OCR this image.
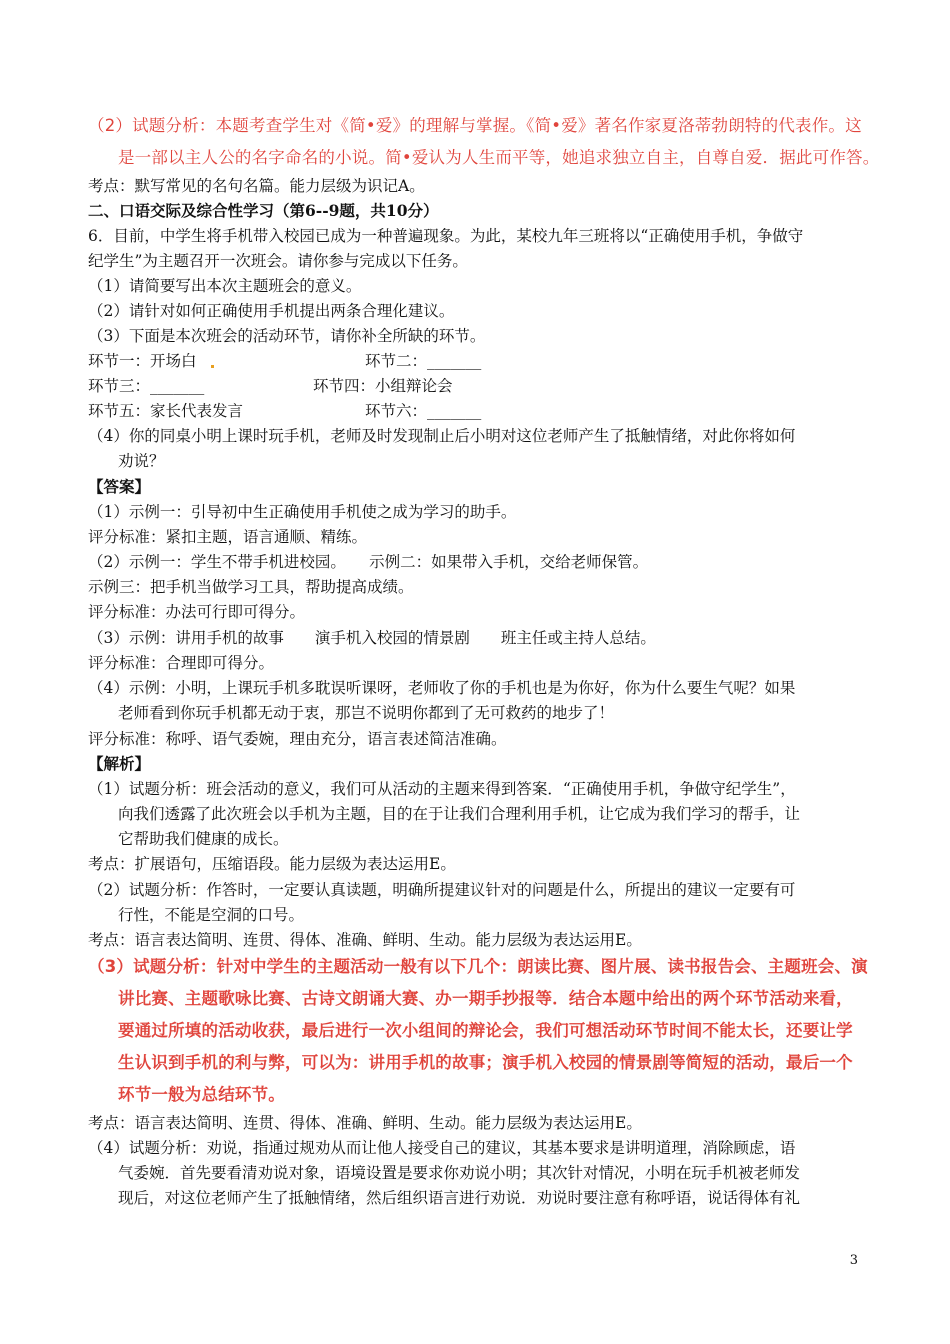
（2）试题分析：本题考查学生对《简•爱》的理解与掌握。《简•爱》著名作家夏洛蒂勃朗特的代表作。这
是一部以主人公的名字命名的小说。简•爱认为人生而平等，她追求独立自主，自尊自爱．据此可作答。
考点：默写常见的名句名篇。能力层级为识记A。
二、口语交际及综合性学习（第6--9题，共10分）
6．目前，中学生将手机带入校园已成为一种普遍现象。为此，某校九年三班将以“正确使用手机，争做守
纪学生”为主题召开一次班会。请你参与完成以下任务。
（1）请简要写出本次主题班会的意义。
（2）请针对如何正确使用手机提出两条合理化建议。
（3）下面是本次班会的活动环节，请你补全所缺的环节。
环节一：开场白	环节二：_______
环节三：_______	环节四：小组辩论会
环节五：家长代表发言	环节六：_______
（4）你的同桌小明上课时玩手机，老师及时发现制止后小明对这位老师产生了抵触情绪，对此你将如何
劝说？
【答案】
（1）示例一：引导初中生正确使用手机使之成为学习的助手。
评分标准：紧扣主题，语言通顺、精练。
（2）示例一：学生不带手机进校园。　　示例二：如果带入手机，交给老师保管。
示例三：把手机当做学习工具，帮助提高成绩。
评分标准：办法可行即可得分。
（3）示例：讲用手机的故事　　演手机入校园的情景剧　　班主任或主持人总结。
评分标准：合理即可得分。
（4）示例：小明，上课玩手机多耽误听课呀，老师收了你的手机也是为你好，你为什么要生气呢？如果
老师看到你玩手机都无动于衷，那岂不说明你都到了无可救药的地步了！
评分标准：称呼、语气委婉，理由充分，语言表述简洁准确。
【解析】
（1）试题分析：班会活动的意义，我们可从活动的主题来得到答案．“正确使用手机，争做守纪学生”，
向我们透露了此次班会以手机为主题，目的在于让我们合理利用手机，让它成为我们学习的帮手，让
它帮助我们健康的成长。
考点：扩展语句，压缩语段。能力层级为表达运用E。
（2）试题分析：作答时，一定要认真读题，明确所提建议针对的问题是什么，所提出的建议一定要有可
行性，不能是空洞的口号。
考点：语言表达简明、连贯、得体、准确、鲜明、生动。能力层级为表达运用E。
（3）试题分析：针对中学生的主题活动一般有以下几个：朗读比赛、图片展、读书报告会、主题班会、演
讲比赛、主题歌咏比赛、古诗文朗诵大赛、办一期手抄报等．结合本题中给出的两个环节活动来看，
要通过所填的活动收获，最后进行一次小组间的辩论会，我们可想活动环节时间不能太长，还要让学
生认识到手机的利与弊，可以为：讲用手机的故事；演手机入校园的情景剧等简短的活动，最后一个
环节一般为总结环节。
考点：语言表达简明、连贯、得体、准确、鲜明、生动。能力层级为表达运用E。
（4）试题分析：劝说，指通过规劝从而让他人接受自己的建议，其基本要求是讲明道理，消除顾虑，语
气委婉．首先要看清劝说对象，语境设置是要求你劝说小明；其次针对情况，小明在玩手机被老师发
现后，对这位老师产生了抵触情绪，然后组织语言进行劝说．劝说时要注意有称呼语，说话得体有礼
3
